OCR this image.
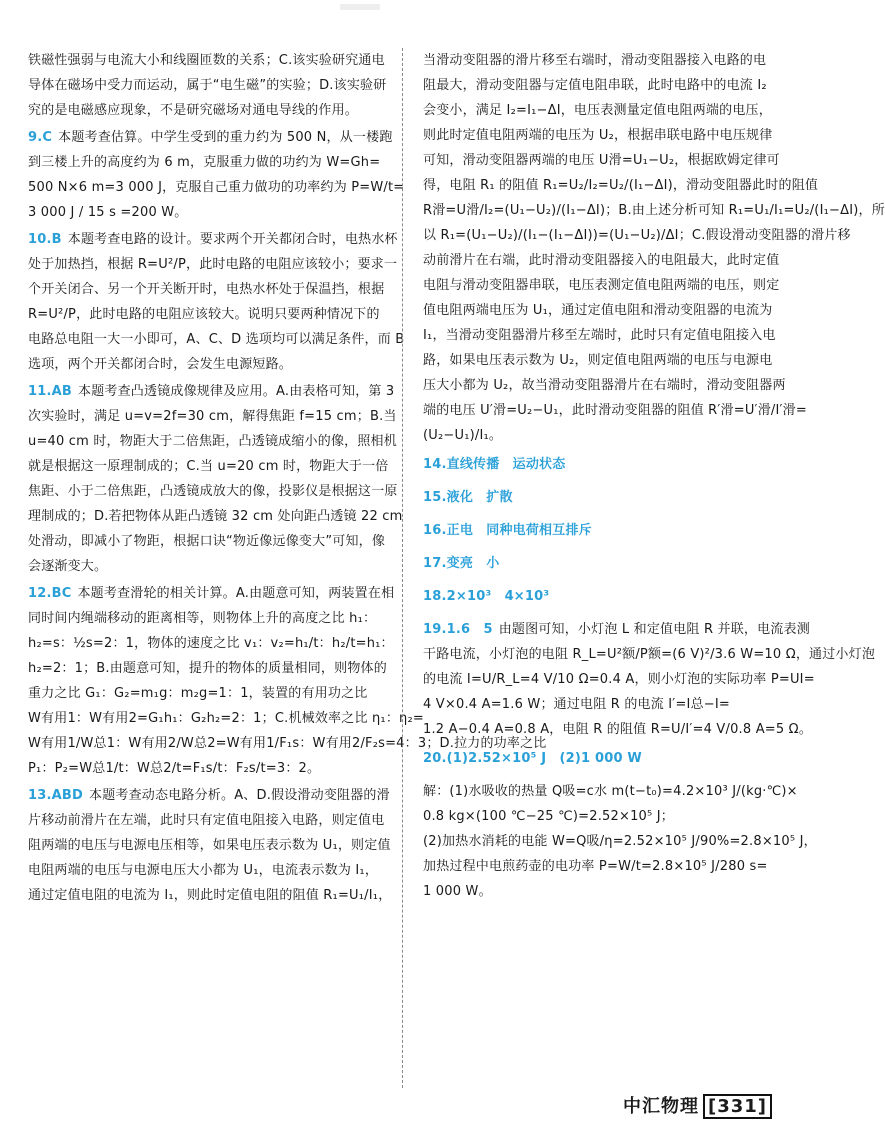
铁磁性强弱与电流大小和线圈匝数的关系；C.该实验研究通电
导体在磁场中受力而运动，属于“电生磁”的实验；D.该实验研
究的是电磁感应现象，不是研究磁场对通电导线的作用。
9.C 本题考查估算。中学生受到的重力约为 500 N，从一楼跑
到三楼上升的高度约为 6 m，克服重力做的功约为 W=Gh=
500 N×6 m=3 000 J，克服自己重力做功的功率约为 P=W/t=
3 000 J / 15 s =200 W。
10.B 本题考查电路的设计。要求两个开关都闭合时，电热水杯
处于加热挡，根据 R=U²/P，此时电路的电阻应该较小；要求一
个开关闭合、另一个开关断开时，电热水杯处于保温挡，根据
R=U²/P，此时电路的电阻应该较大。说明只要两种情况下的
电路总电阻一大一小即可，A、C、D 选项均可以满足条件，而 B
选项，两个开关都闭合时，会发生电源短路。
11.AB 本题考查凸透镜成像规律及应用。A.由表格可知，第 3
次实验时，满足 u=v=2f=30 cm，解得焦距 f=15 cm；B.当
u=40 cm 时，物距大于二倍焦距，凸透镜成缩小的像，照相机
就是根据这一原理制成的；C.当 u=20 cm 时，物距大于一倍
焦距、小于二倍焦距，凸透镜成放大的像，投影仪是根据这一原
理制成的；D.若把物体从距凸透镜 32 cm 处向距凸透镜 22 cm
处滑动，即减小了物距，根据口诀“物近像远像变大”可知，像
会逐渐变大。
12.BC 本题考查滑轮的相关计算。A.由题意可知，两装置在相
同时间内绳端移动的距离相等，则物体上升的高度之比 h₁：
h₂=s：½s=2：1，物体的速度之比 v₁：v₂=h₁/t：h₂/t=h₁：
h₂=2：1；B.由题意可知，提升的物体的质量相同，则物体的
重力之比 G₁：G₂=m₁g：m₂g=1：1，装置的有用功之比
W有用1：W有用2=G₁h₁：G₂h₂=2：1；C.机械效率之比 η₁：η₂=
W有用1/W总1：W有用2/W总2=W有用1/F₁s：W有用2/F₂s=4：3；D.拉力的功率之比
P₁：P₂=W总1/t：W总2/t=F₁s/t：F₂s/t=3：2。
13.ABD 本题考查动态电路分析。A、D.假设滑动变阻器的滑
片移动前滑片在左端，此时只有定值电阻接入电路，则定值电
阻两端的电压与电源电压相等，如果电压表示数为 U₁，则定值
电阻两端的电压与电源电压大小都为 U₁，电流表示数为 I₁，
通过定值电阻的电流为 I₁，则此时定值电阻的阻值 R₁=U₁/I₁，
当滑动变阻器的滑片移至右端时，滑动变阻器接入电路的电
阻最大，滑动变阻器与定值电阻串联，此时电路中的电流 I₂
会变小，满足 I₂=I₁−ΔI，电压表测量定值电阻两端的电压，
则此时定值电阻两端的电压为 U₂，根据串联电路中电压规律
可知，滑动变阻器两端的电压 U滑=U₁−U₂，根据欧姆定律可
得，电阻 R₁ 的阻值 R₁=U₂/I₂=U₂/(I₁−ΔI)，滑动变阻器此时的阻值
R滑=U滑/I₂=(U₁−U₂)/(I₁−ΔI)；B.由上述分析可知 R₁=U₁/I₁=U₂/(I₁−ΔI)，所
以 R₁=(U₁−U₂)/(I₁−(I₁−ΔI))=(U₁−U₂)/ΔI；C.假设滑动变阻器的滑片移
动前滑片在右端，此时滑动变阻器接入的电阻最大，此时定值
电阻与滑动变阻器串联，电压表测定值电阻两端的电压，则定
值电阻两端电压为 U₁，通过定值电阻和滑动变阻器的电流为
I₁，当滑动变阻器滑片移至左端时，此时只有定值电阻接入电
路，如果电压表示数为 U₂，则定值电阻两端的电压与电源电
压大小都为 U₂，故当滑动变阻器滑片在右端时，滑动变阻器两
端的电压 U′滑=U₂−U₁，此时滑动变阻器的阻值 R′滑=U′滑/I′滑=
(U₂−U₁)/I₁。
14.直线传播　运动状态
15.液化　扩散
16.正电　同种电荷相互排斥
17.变亮　小
18.2×10³　4×10³
19.1.6　5 由题图可知，小灯泡 L 和定值电阻 R 并联，电流表测
干路电流，小灯泡的电阻 R_L=U²额/P额=(6 V)²/3.6 W=10 Ω，通过小灯泡
的电流 I=U/R_L=4 V/10 Ω=0.4 A，则小灯泡的实际功率 P=UI=
4 V×0.4 A=1.6 W；通过电阻 R 的电流 I′=I总−I=
1.2 A−0.4 A=0.8 A，电阻 R 的阻值 R=U/I′=4 V/0.8 A=5 Ω。
20.(1)2.52×10⁵ J　(2)1 000 W
解：(1)水吸收的热量 Q吸=c水 m(t−t₀)=4.2×10³ J/(kg·℃)×
0.8 kg×(100 ℃−25 ℃)=2.52×10⁵ J；
(2)加热水消耗的电能 W=Q吸/η=2.52×10⁵ J/90%=2.8×10⁵ J，
加热过程中电煎药壶的电功率 P=W/t=2.8×10⁵ J/280 s=
1 000 W。
中汇物理 [331]
